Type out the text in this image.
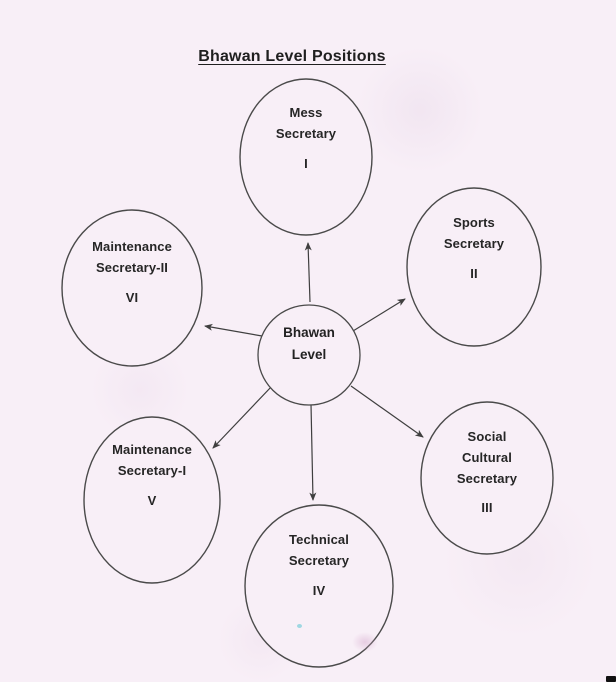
Bhawan Level Positions
Bhawan
Level
Mess
Secretary
I
Sports
Secretary
II
Maintenance
Secretary-II
VI
Social
Cultural
Secretary
III
Maintenance
Secretary-I
V
Technical
Secretary
IV
